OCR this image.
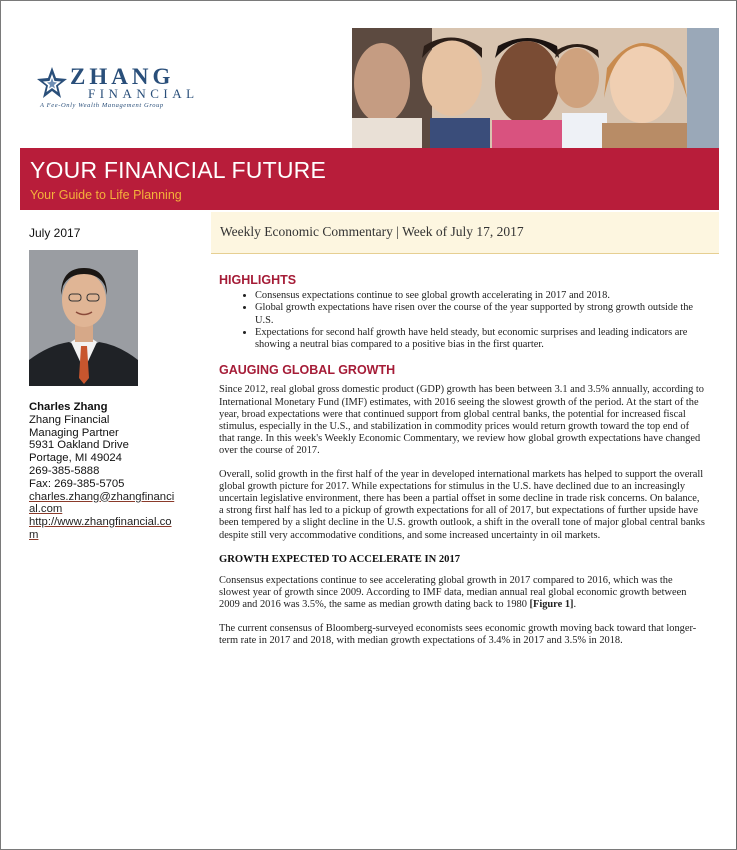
ZHANG
FINANCIAL
A Fee-Only Wealth Management Group
YOUR FINANCIAL FUTURE
Your Guide to Life Planning
July 2017
Charles Zhang
Zhang Financial
Managing Partner
5931 Oakland Drive
Portage, MI 49024
269-385-5888
Fax: 269-385-5705
charles.zhang@zhangfinancial.com
http://www.zhangfinancial.com
Weekly Economic Commentary | Week of July 17, 2017
HIGHLIGHTS
• Consensus expectations continue to see global growth accelerating in 2017 and 2018.
• Global growth expectations have risen over the course of the year supported by strong growth outside the U.S.
• Expectations for second half growth have held steady, but economic surprises and leading indicators are showing a neutral bias compared to a positive bias in the first quarter.
GAUGING GLOBAL GROWTH

Since 2012, real global gross domestic product (GDP) growth has been between 3.1 and 3.5% annually, according to International Monetary Fund (IMF) estimates, with 2016 seeing the slowest growth of the period. At the start of the year, broad expectations were that continued support from global central banks, the potential for increased fiscal stimulus, especially in the U.S., and stabilization in commodity prices would return growth toward the top end of that range. In this week's Weekly Economic Commentary, we review how global growth expectations have changed over the course of 2017.

Overall, solid growth in the first half of the year in developed international markets has helped to support the overall global growth picture for 2017. While expectations for stimulus in the U.S. have declined due to an increasingly uncertain legislative environment, there has been a partial offset in some decline in trade risk concerns. On balance, a strong first half has led to a pickup of growth expectations for all of 2017, but expectations of further upside have been tempered by a slight decline in the U.S. growth outlook, a shift in the overall tone of major global central banks despite still very accommodative conditions, and some increased uncertainty in oil markets.

GROWTH EXPECTED TO ACCELERATE IN 2017

Consensus expectations continue to see accelerating global growth in 2017 compared to 2016, which was the slowest year of growth since 2009. According to IMF data, median annual real global economic growth between 2009 and 2016 was 3.5%, the same as median growth dating back to 1980 [Figure 1].

The current consensus of Bloomberg-surveyed economists sees economic growth moving back toward that longer-term rate in 2017 and 2018, with median growth expectations of 3.4% in 2017 and 3.5% in 2018.
